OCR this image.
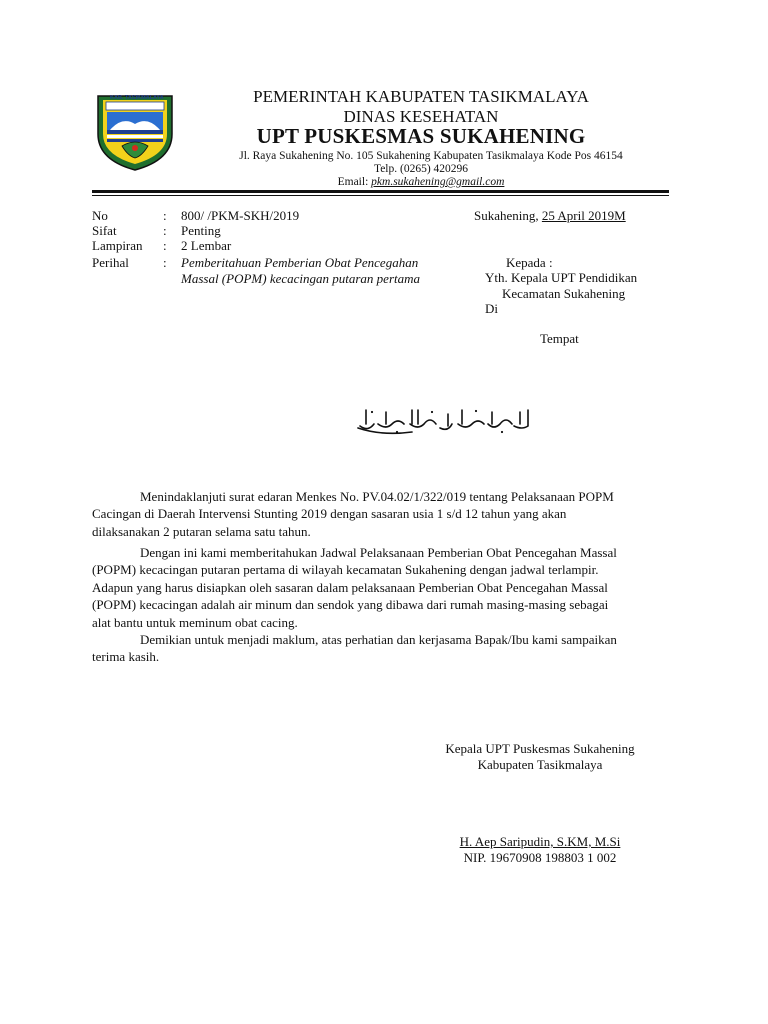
KAB. TASIKMALAYA	PEMERINTAH KABUPATEN TASIKMALAYA
DINAS KESEHATAN
UPT PUSKESMAS SUKAHENING
Jl. Raya Sukahening No. 105 Sukahening Kabupaten Tasikmalaya Kode Pos 46154
Telp. (0265) 420296
Email: pkm.sukahening@gmail.com
No	: 800/ /PKM-SKH/2019
Sifat	: Penting
Lampiran : 2 Lembar
Perihal	: Pemberitahuan Pemberian Obat Pencegahan
Massal (POPM) kecacingan putaran pertama
Sukahening, 25 April 2019M
Kepada :
Yth. Kepala UPT Pendidikan
Kecamatan Sukahening
Di
Tempat
Menindaklanjuti surat edaran Menkes No. PV.04.02/1/322/019 tentang Pelaksanaan POPM
Cacingan di Daerah Intervensi Stunting 2019 dengan sasaran usia 1 s/d 12 tahun yang akan
dilaksanakan 2 putaran selama satu tahun.
Dengan ini kami memberitahukan Jadwal Pelaksanaan Pemberian Obat Pencegahan Massal
(POPM) kecacingan putaran pertama di wilayah kecamatan Sukahening dengan jadwal terlampir.
Adapun yang harus disiapkan oleh sasaran dalam pelaksanaan Pemberian Obat Pencegahan Massal
(POPM) kecacingan adalah air minum dan sendok yang dibawa dari rumah masing-masing sebagai
alat bantu untuk meminum obat cacing.
Demikian untuk menjadi maklum, atas perhatian dan kerjasama Bapak/Ibu kami sampaikan
terima kasih.
Kepala UPT Puskesmas Sukahening
Kabupaten Tasikmalaya
H. Aep Saripudin, S.KM, M.Si
NIP. 19670908 198803 1 002
